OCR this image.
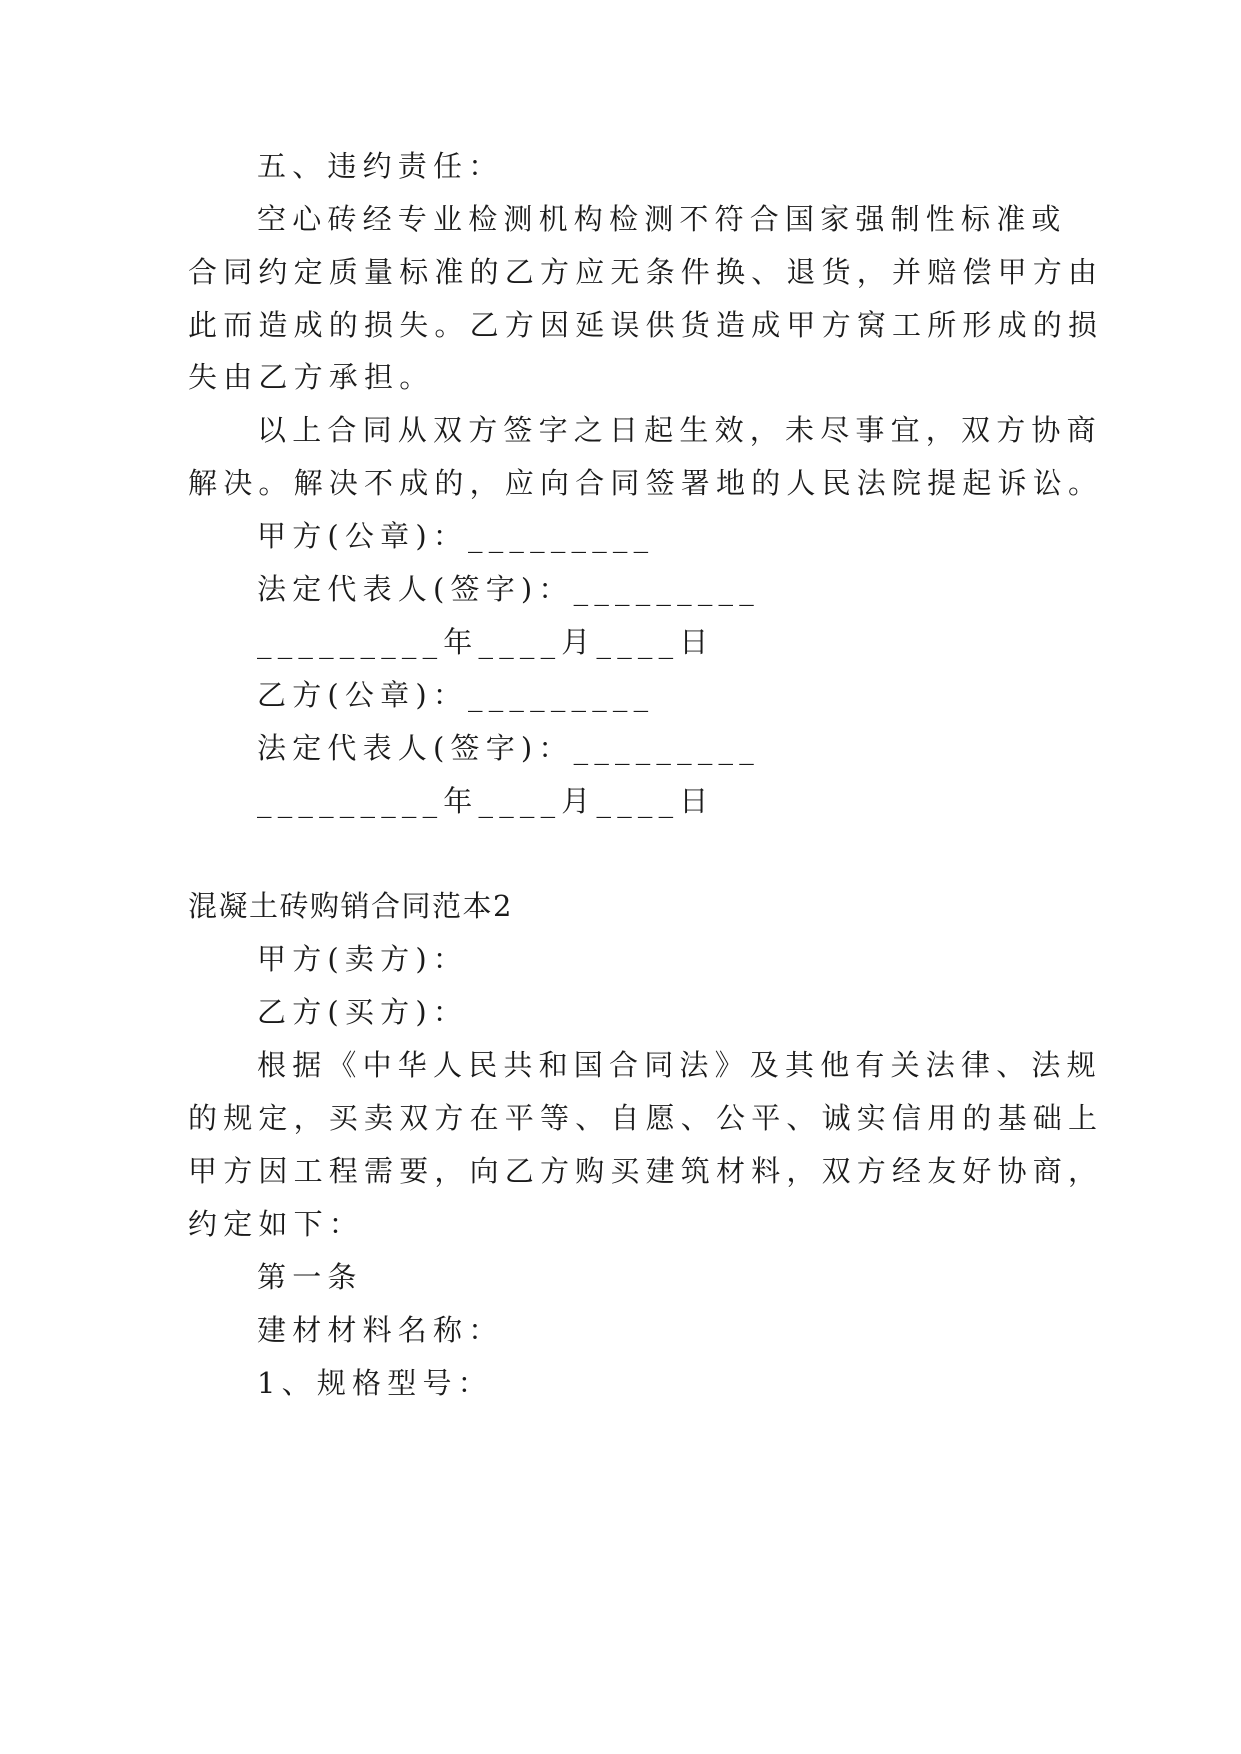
五、违约责任：
空心砖经专业检测机构检测不符合国家强制性标准或
合同约定质量标准的乙方应无条件换、退货，并赔偿甲方由
此而造成的损失。乙方因延误供货造成甲方窝工所形成的损
失由乙方承担。
以上合同从双方签字之日起生效，未尽事宜，双方协商
解决。解决不成的，应向合同签署地的人民法院提起诉讼。
甲方(公章)：_________
法定代表人(签字)：_________
_________年____月____日
乙方(公章)：_________
法定代表人(签字)：_________
_________年____月____日
混凝土砖购销合同范本2
甲方(卖方)：
乙方(买方)：
根据《中华人民共和国合同法》及其他有关法律、法规
的规定，买卖双方在平等、自愿、公平、诚实信用的基础上
甲方因工程需要，向乙方购买建筑材料，双方经友好协商，
约定如下：
第一条
建材材料名称：
1、规格型号：
